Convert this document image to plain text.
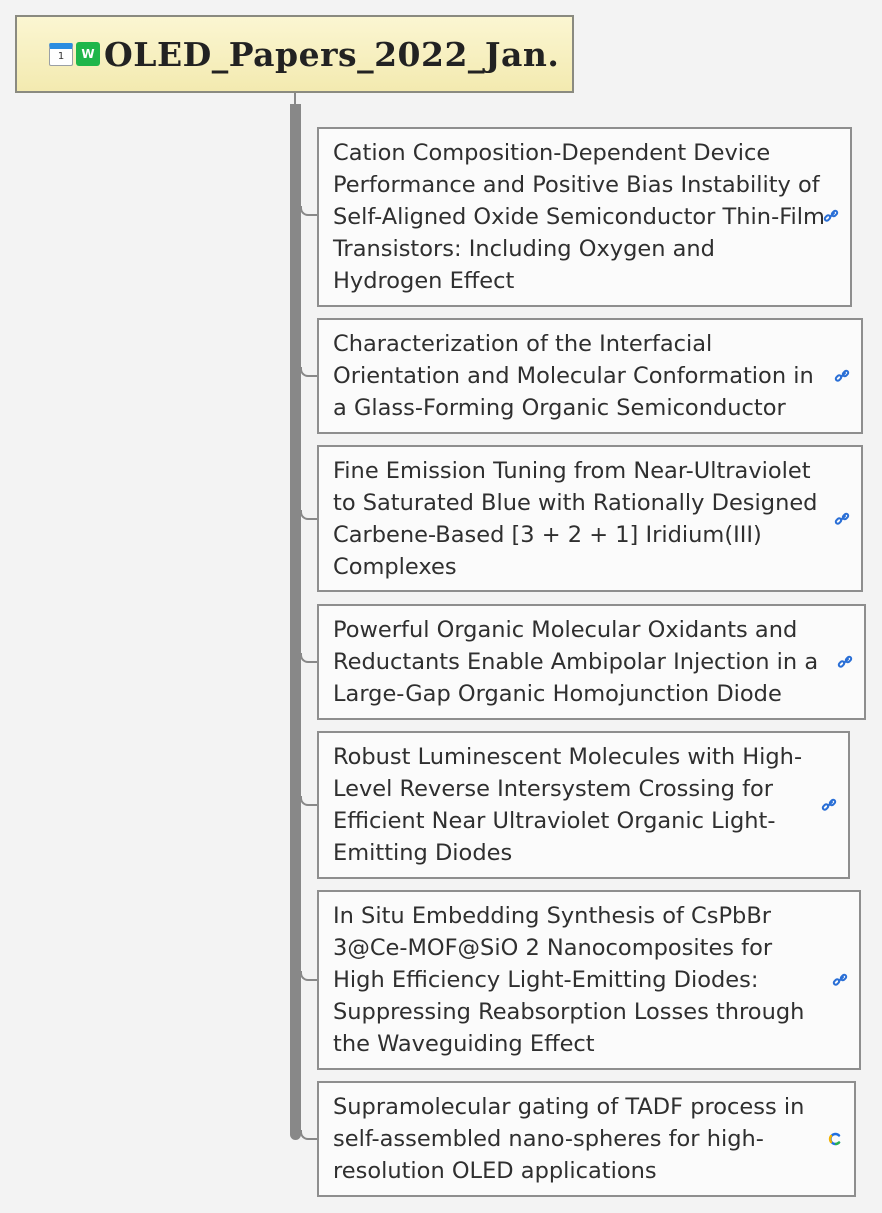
1	W OLED_Papers_2022_Jan.
Cation Composition-Dependent Device Performance and Positive Bias Instability of Self-Aligned Oxide Semiconductor Thin-Film Transistors: Including Oxygen and Hydrogen Effect
Characterization of the Interfacial Orientation and Molecular Conformation in a Glass-Forming Organic Semiconductor
Fine Emission Tuning from Near-Ultraviolet to Saturated Blue with Rationally Designed Carbene-Based [3 + 2 + 1] Iridium(III) Complexes
Powerful Organic Molecular Oxidants and Reductants Enable Ambipolar Injection in a Large-Gap Organic Homojunction Diode
Robust Luminescent Molecules with High-Level Reverse Intersystem Crossing for Efficient Near Ultraviolet Organic Light-Emitting Diodes
In Situ Embedding Synthesis of CsPbBr 3@Ce-MOF@SiO 2 Nanocomposites for High Efficiency Light-Emitting Diodes: Suppressing Reabsorption Losses through the Waveguiding Effect
Supramolecular gating of TADF process in self-assembled nano-spheres for high-resolution OLED applications
